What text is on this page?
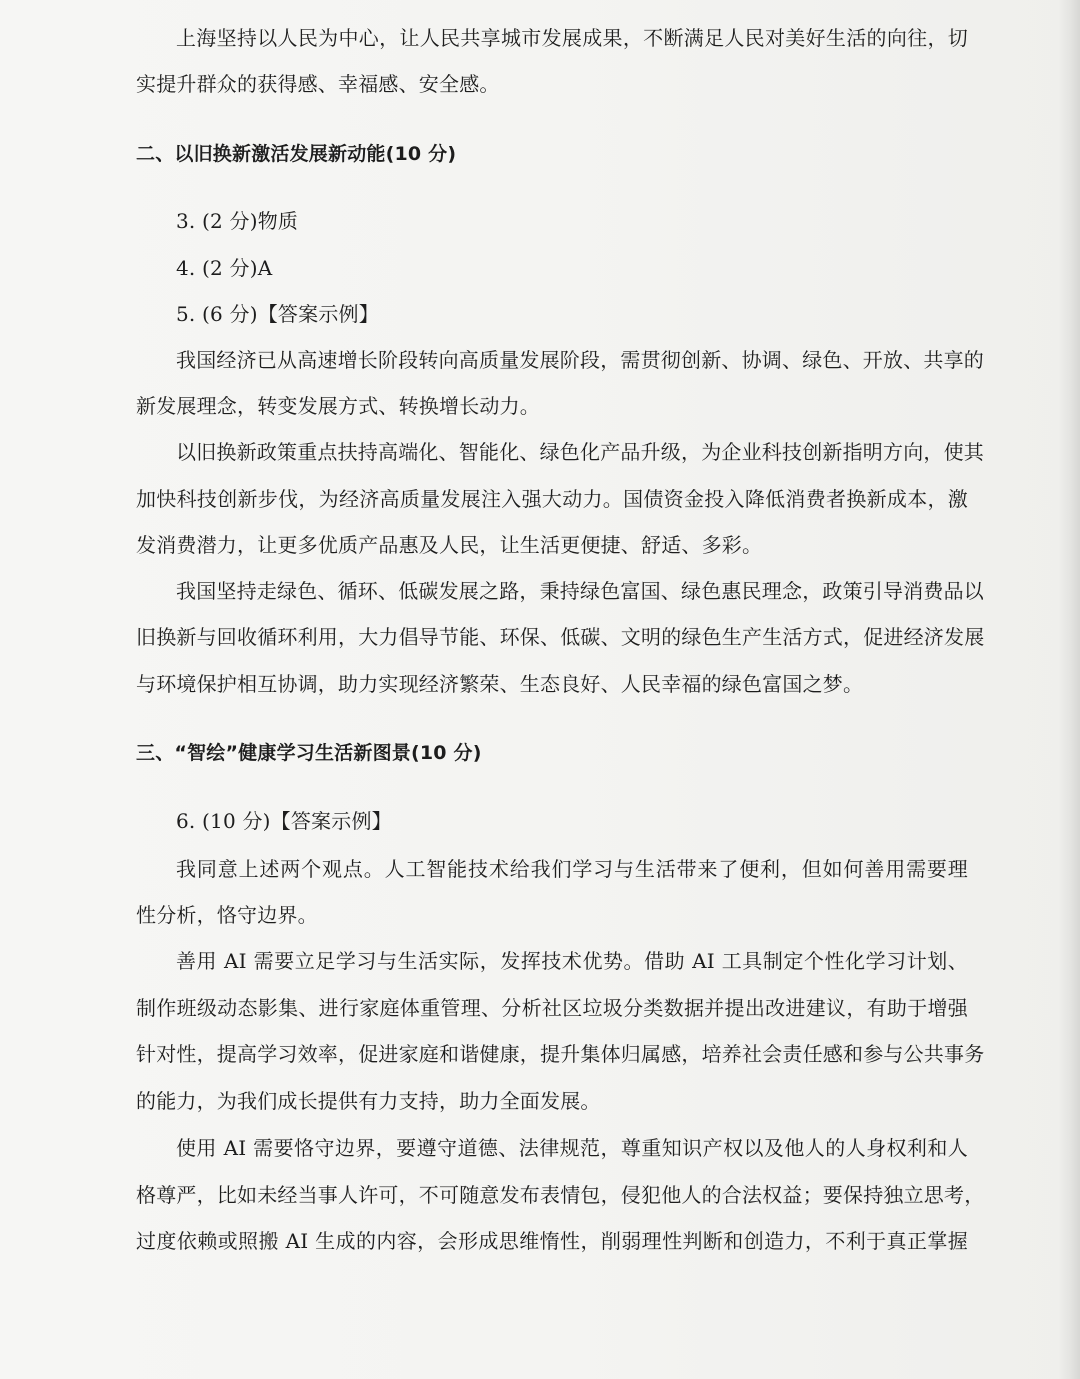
上海坚持以人民为中心，让人民共享城市发展成果，不断满足人民对美好生活的向往，切
实提升群众的获得感、幸福感、安全感。
二、以旧换新激活发展新动能(10 分)
3. (2 分)物质
4. (2 分)A
5. (6 分)【答案示例】
我国经济已从高速增长阶段转向高质量发展阶段，需贯彻创新、协调、绿色、开放、共享的
新发展理念，转变发展方式、转换增长动力。
以旧换新政策重点扶持高端化、智能化、绿色化产品升级，为企业科技创新指明方向，使其
加快科技创新步伐，为经济高质量发展注入强大动力。国债资金投入降低消费者换新成本，激
发消费潜力，让更多优质产品惠及人民，让生活更便捷、舒适、多彩。
我国坚持走绿色、循环、低碳发展之路，秉持绿色富国、绿色惠民理念，政策引导消费品以
旧换新与回收循环利用，大力倡导节能、环保、低碳、文明的绿色生产生活方式，促进经济发展
与环境保护相互协调，助力实现经济繁荣、生态良好、人民幸福的绿色富国之梦。
三、“智绘”健康学习生活新图景(10 分)
6. (10 分)【答案示例】
我同意上述两个观点。人工智能技术给我们学习与生活带来了便利，但如何善用需要理
性分析，恪守边界。
善用 AI 需要立足学习与生活实际，发挥技术优势。借助 AI 工具制定个性化学习计划、
制作班级动态影集、进行家庭体重管理、分析社区垃圾分类数据并提出改进建议，有助于增强
针对性，提高学习效率，促进家庭和谐健康，提升集体归属感，培养社会责任感和参与公共事务
的能力，为我们成长提供有力支持，助力全面发展。
使用 AI 需要恪守边界，要遵守道德、法律规范，尊重知识产权以及他人的人身权利和人
格尊严，比如未经当事人许可，不可随意发布表情包，侵犯他人的合法权益；要保持独立思考，
过度依赖或照搬 AI 生成的内容，会形成思维惰性，削弱理性判断和创造力，不利于真正掌握
